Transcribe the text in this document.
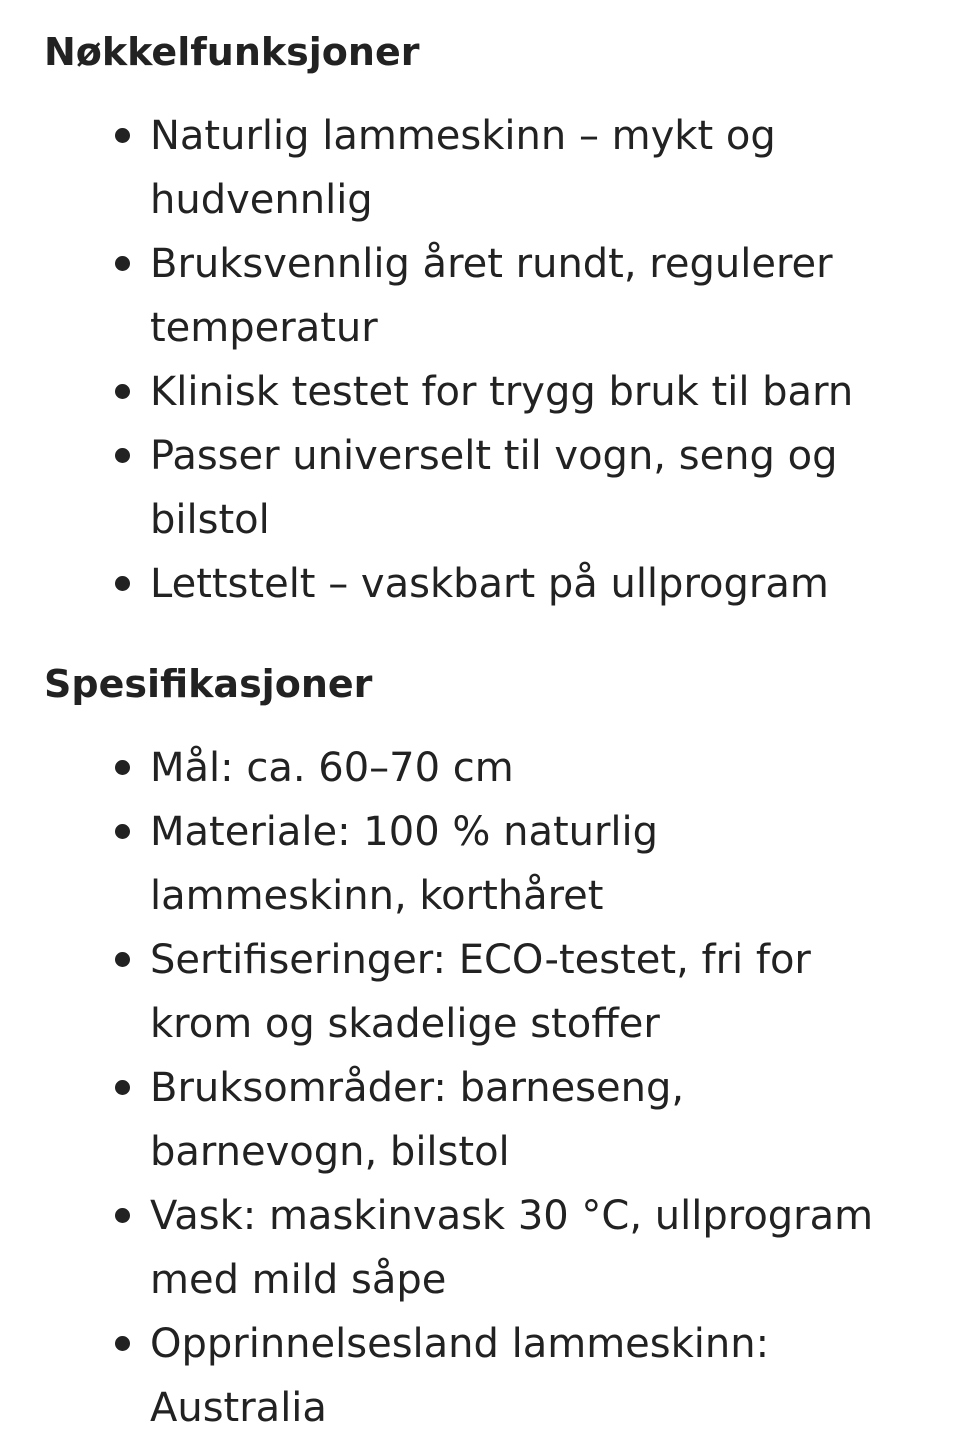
Nøkkelfunksjoner
Naturlig lammeskinn – mykt og hudvennlig
Bruksvennlig året rundt, regulerer temperatur
Klinisk testet for trygg bruk til barn
Passer universelt til vogn, seng og bilstol
Lettstelt – vaskbart på ullprogram
Spesifikasjoner
Mål: ca. 60–70 cm
Materiale: 100 % naturlig lammeskinn, korthåret
Sertifiseringer: ECO-testet, fri for krom og skadelige stoffer
Bruksområder: barneseng, barnevogn, bilstol
Vask: maskinvask 30 °C, ullprogram med mild såpe
Opprinnelsesland lammeskinn: Australia
